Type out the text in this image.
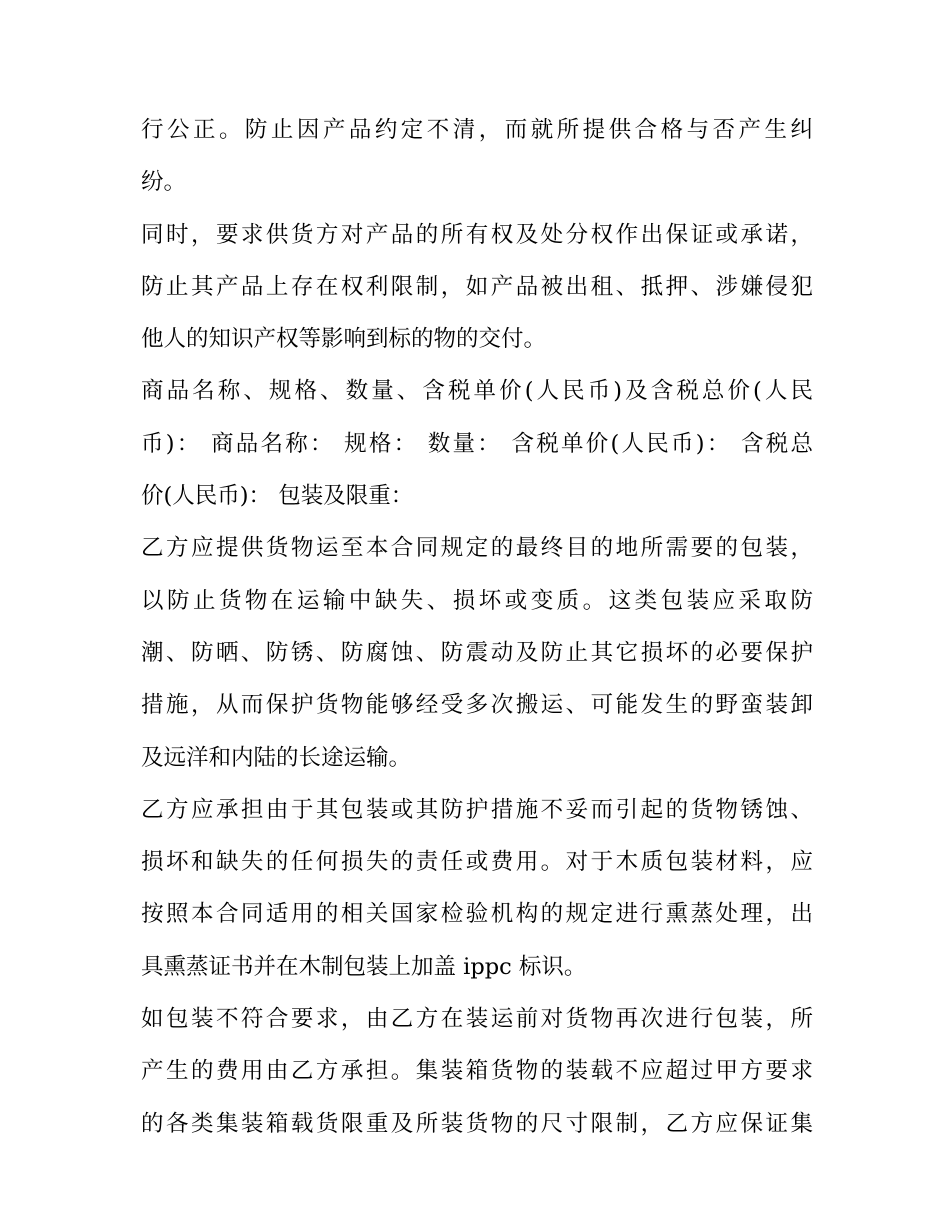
行公正。防止因产品约定不清，而就所提供合格与否产生纠
纷。
同时，要求供货方对产品的所有权及处分权作出保证或承诺，
防止其产品上存在权利限制，如产品被出租、抵押、涉嫌侵犯
他人的知识产权等影响到标的物的交付。
商品名称、规格、数量、含税单价(人民币)及含税总价(人民
币)： 商品名称： 规格： 数量： 含税单价(人民币)： 含税总
价(人民币)： 包装及限重：
乙方应提供货物运至本合同规定的最终目的地所需要的包装，
以防止货物在运输中缺失、损坏或变质。这类包装应采取防
潮、防晒、防锈、防腐蚀、防震动及防止其它损坏的必要保护
措施，从而保护货物能够经受多次搬运、可能发生的野蛮装卸
及远洋和内陆的长途运输。
乙方应承担由于其包装或其防护措施不妥而引起的货物锈蚀、
损坏和缺失的任何损失的责任或费用。对于木质包装材料，应
按照本合同适用的相关国家检验机构的规定进行熏蒸处理，出
具熏蒸证书并在木制包装上加盖 ippc 标识。
如包装不符合要求，由乙方在装运前对货物再次进行包装，所
产生的费用由乙方承担。集装箱货物的装载不应超过甲方要求
的各类集装箱载货限重及所装货物的尺寸限制，乙方应保证集
